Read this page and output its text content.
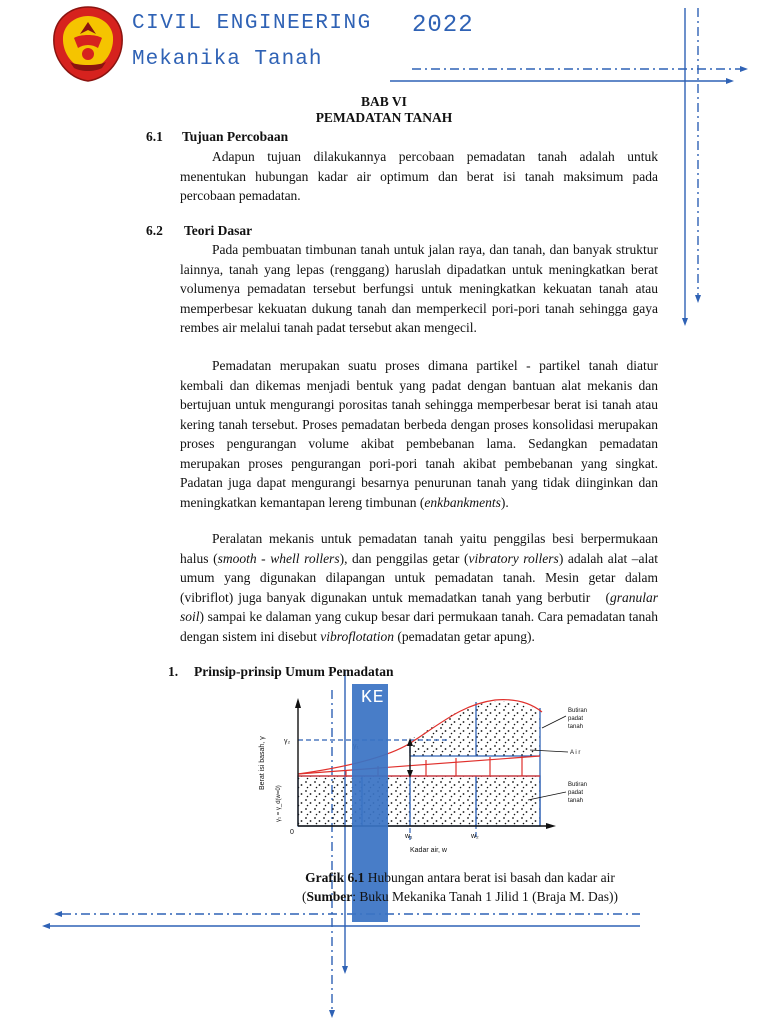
CIVIL ENGINEERING 2022
Mekanika Tanah
BAB VI
PEMADATAN TANAH
6.1 Tujuan Percobaan

Adapun tujuan dilakukannya percobaan pemadatan tanah adalah untuk menentukan hubungan kadar air optimum dan berat isi tanah maksimum pada percobaan pemadatan.

6.2 Teori Dasar

Pada pembuatan timbunan tanah untuk jalan raya, dan tanah, dan banyak struktur lainnya, tanah yang lepas (renggang) haruslah dipadatkan untuk meningkatkan berat volumenya pemadatan tersebut berfungsi untuk meningkatkan kekuatan tanah atau memperbesar kekuatan dukung tanah dan memperkecil pori-pori tanah sehingga gaya rembes air melalui tanah padat tersebut akan mengecil.

Pemadatan merupakan suatu proses dimana partikel - partikel tanah diatur kembali dan dikemas menjadi bentuk yang padat dengan bantuan alat mekanis dan bertujuan untuk mengurangi porositas tanah sehingga memperbesar berat isi tanah atau kering tanah tersebut. Proses pemadatan berbeda dengan proses konsolidasi merupakan proses pengurangan volume akibat pembebanan lama. Sedangkan pemadatan merupakan proses pengurangan pori-pori tanah akibat pembebanan yang singkat. Padatan juga dapat mengurangi besarnya penurunan tanah yang tidak diinginkan dan meningkatkan kemantapan lereng timbunan (enkbankments).

Peralatan mekanis untuk pemadatan tanah yaitu penggilas besi berpermukaan halus (smooth - whell rollers), dan penggilas getar (vibratory rollers) adalah alat –alat umum yang digunakan dilapangan untuk pemadatan tanah. Mesin getar dalam (vibriflot) juga banyak digunakan untuk memadatkan tanah yang berbutir (granular soil) sampai ke dalaman yang cukup besar dari permukaan tanah. Cara pemadatan tanah dengan sistem ini disebut vibroflotation (pemadatan getar apung).

1. Prinsip-prinsip Umum Pemadatan
Berat isi basah, γ
Kadar air, w
0
w₁	w₂
γ₂
γ₁ = γ_d(w=0)
Butiran
padat
tanah
A i r
Butiran
padat
tanah
KE
Grafik 6.1 Hubungan antara berat isi basah dan kadar air
(Sumber: Buku Mekanika Tanah 1 Jilid 1 (Braja M. Das))
